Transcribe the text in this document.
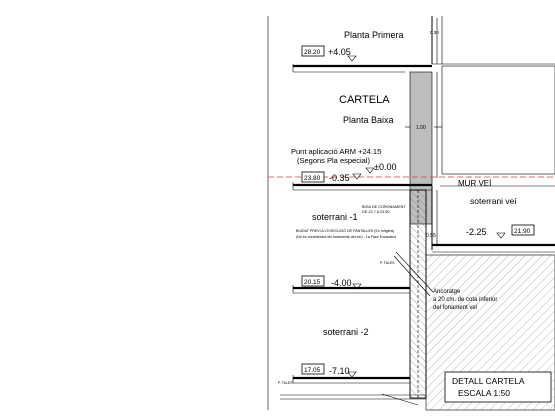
P. TALES
P. TALES
Planta Primera
+4.05
28.20
CARTELA
Planta Baixa
Punt aplicació ARM +24.15
(Segons Pla especial)
±0.00
-0.35
23.80
MUR VEÍ
soterrani veí
-2.25	21.90
BIGA DE CORONAMENT
DE 22.7 A 23.50
soterrani -1
BUIDAT PREVI A L'EXECUCIÓ DE PANTALLES (En mitgera)
(No es considerarà els fonaments del veí) - 1a Fase Excavació
-4.00
20.15
Ancoratge
a 20 cm. de cota inferior
del fonament veí
soterrani -2
-7.10
17.05
0.30
1.00
0.55
DETALL CARTELA
ESCALA 1:50
